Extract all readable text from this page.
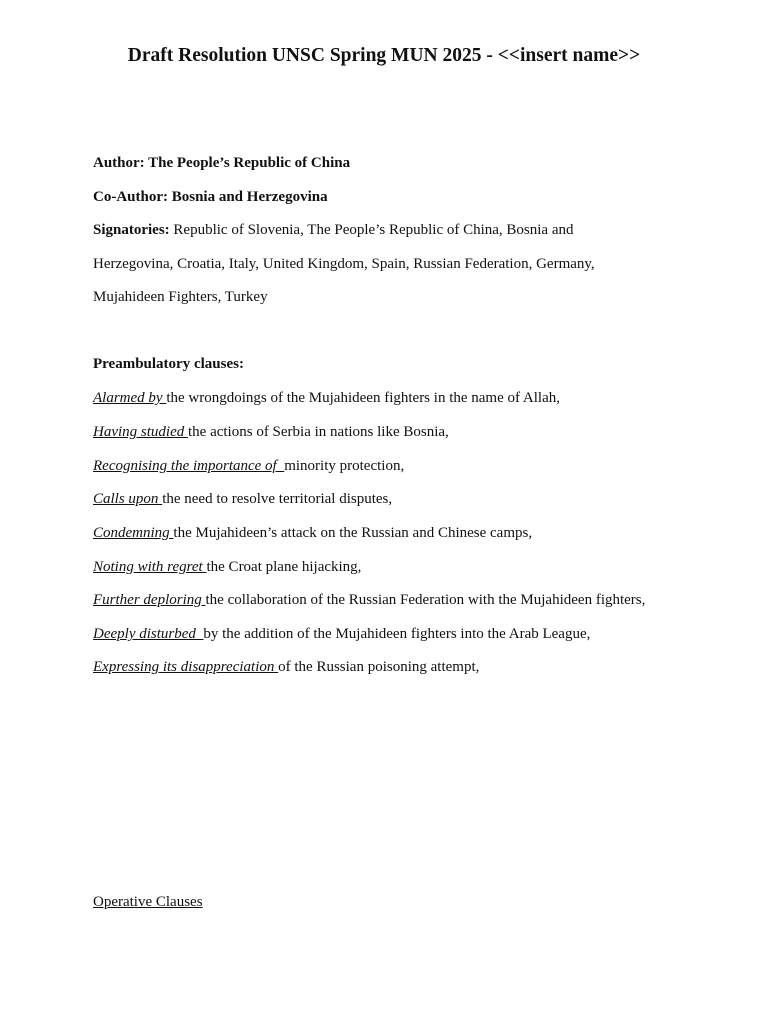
Draft Resolution UNSC Spring MUN 2025 - <<insert name>>

Author: The People’s Republic of China

Co-Author: Bosnia and Herzegovina

Signatories: Republic of Slovenia, The People’s Republic of China, Bosnia and

Herzegovina, Croatia, Italy, United Kingdom, Spain, Russian Federation, Germany,

Mujahideen Fighters, Turkey

Preambulatory clauses:

Alarmed by the wrongdoings of the Mujahideen fighters in the name of Allah,

Having studied the actions of Serbia in nations like Bosnia,

Recognising the importance of  minority protection,

Calls upon the need to resolve territorial disputes,

Condemning the Mujahideen’s attack on the Russian and Chinese camps,

Noting with regret the Croat plane hijacking,

Further deploring the collaboration of the Russian Federation with the Mujahideen fighters,

Deeply disturbed  by the addition of the Mujahideen fighters into the Arab League,

Expressing its disappreciation of the Russian poisoning attempt,

Operative Clauses
